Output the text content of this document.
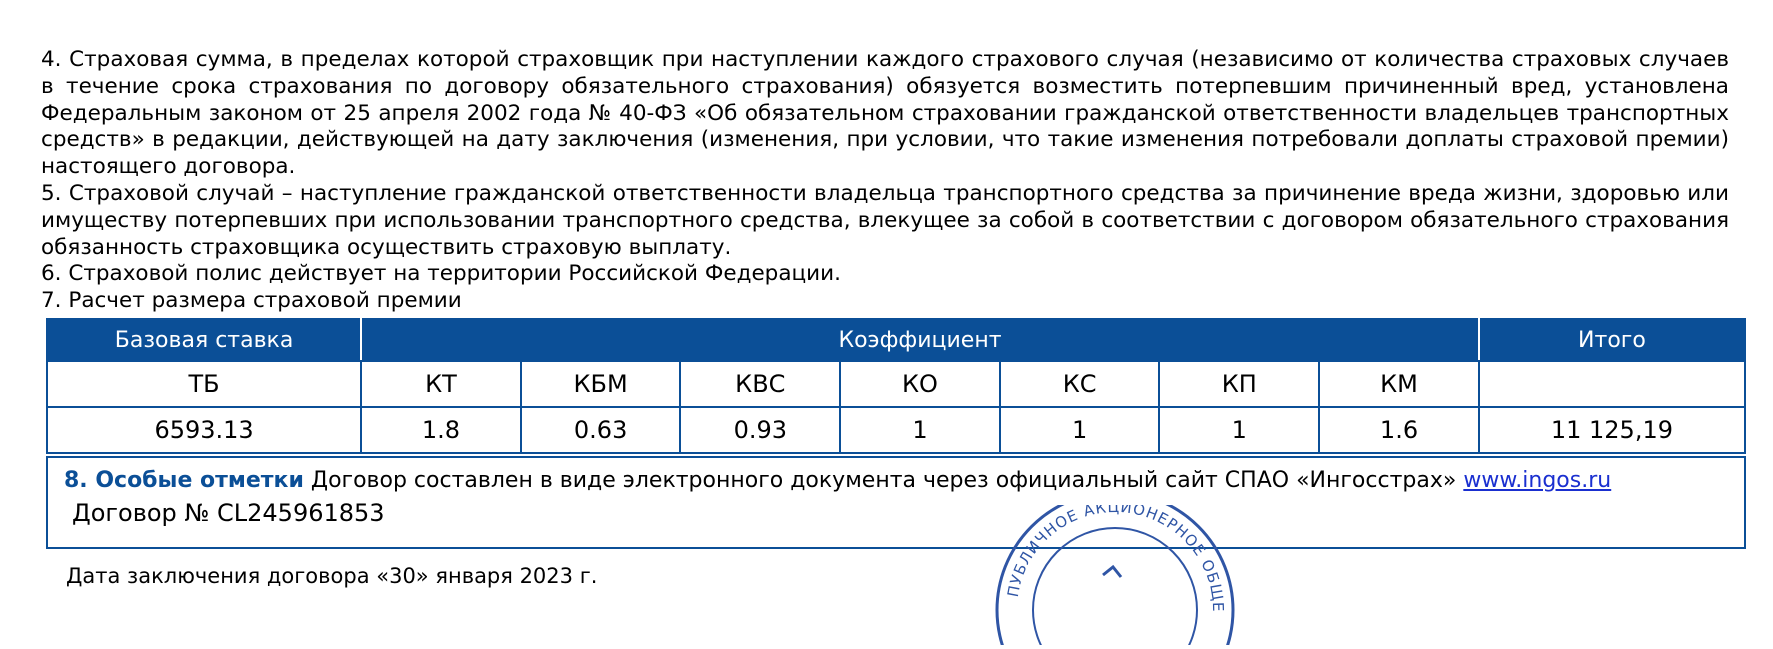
4. Страховая сумма, в пределах которой страховщик при наступлении каждого страхового случая (независимо от количества страховых случаев в течение срока страхования по договору обязательного страхования) обязуется возместить потерпевшим причиненный вред, установлена Федеральным законом от 25 апреля 2002 года № 40-ФЗ «Об обязательном страховании гражданской ответственности владельцев транспортных средств» в редакции, действующей на дату заключения (изменения, при условии, что такие изменения потребовали доплаты страховой премии) настоящего договора.

5. Страховой случай – наступление гражданской ответственности владельца транспортного средства за причинение вреда жизни, здоровью или имуществу потерпевших при использовании транспортного средства, влекущее за собой в соответствии с договором обязательного страхования обязанность страховщика осуществить страховую выплату.

6. Страховой полис действует на территории Российской Федерации.

7. Расчет размера страховой премии

Базовая ставка	Коэффициент							Итого
ТБ	КТ	КБМ	КВС	КО	КС	КП	КМ	
6593.13	1.8	0.63	0.93	1	1	1	1.6	11 125,19
8. Особые отметки Договор составлен в виде электронного документа через официальный сайт СПАО «Ингосстрах» www.ingos.ru
Договор № CL245961853
Дата заключения договора «30» января 2023 г.
ПУБЛИЧНОЕ АКЦИОНЕРНОЕ ОБЩЕ
